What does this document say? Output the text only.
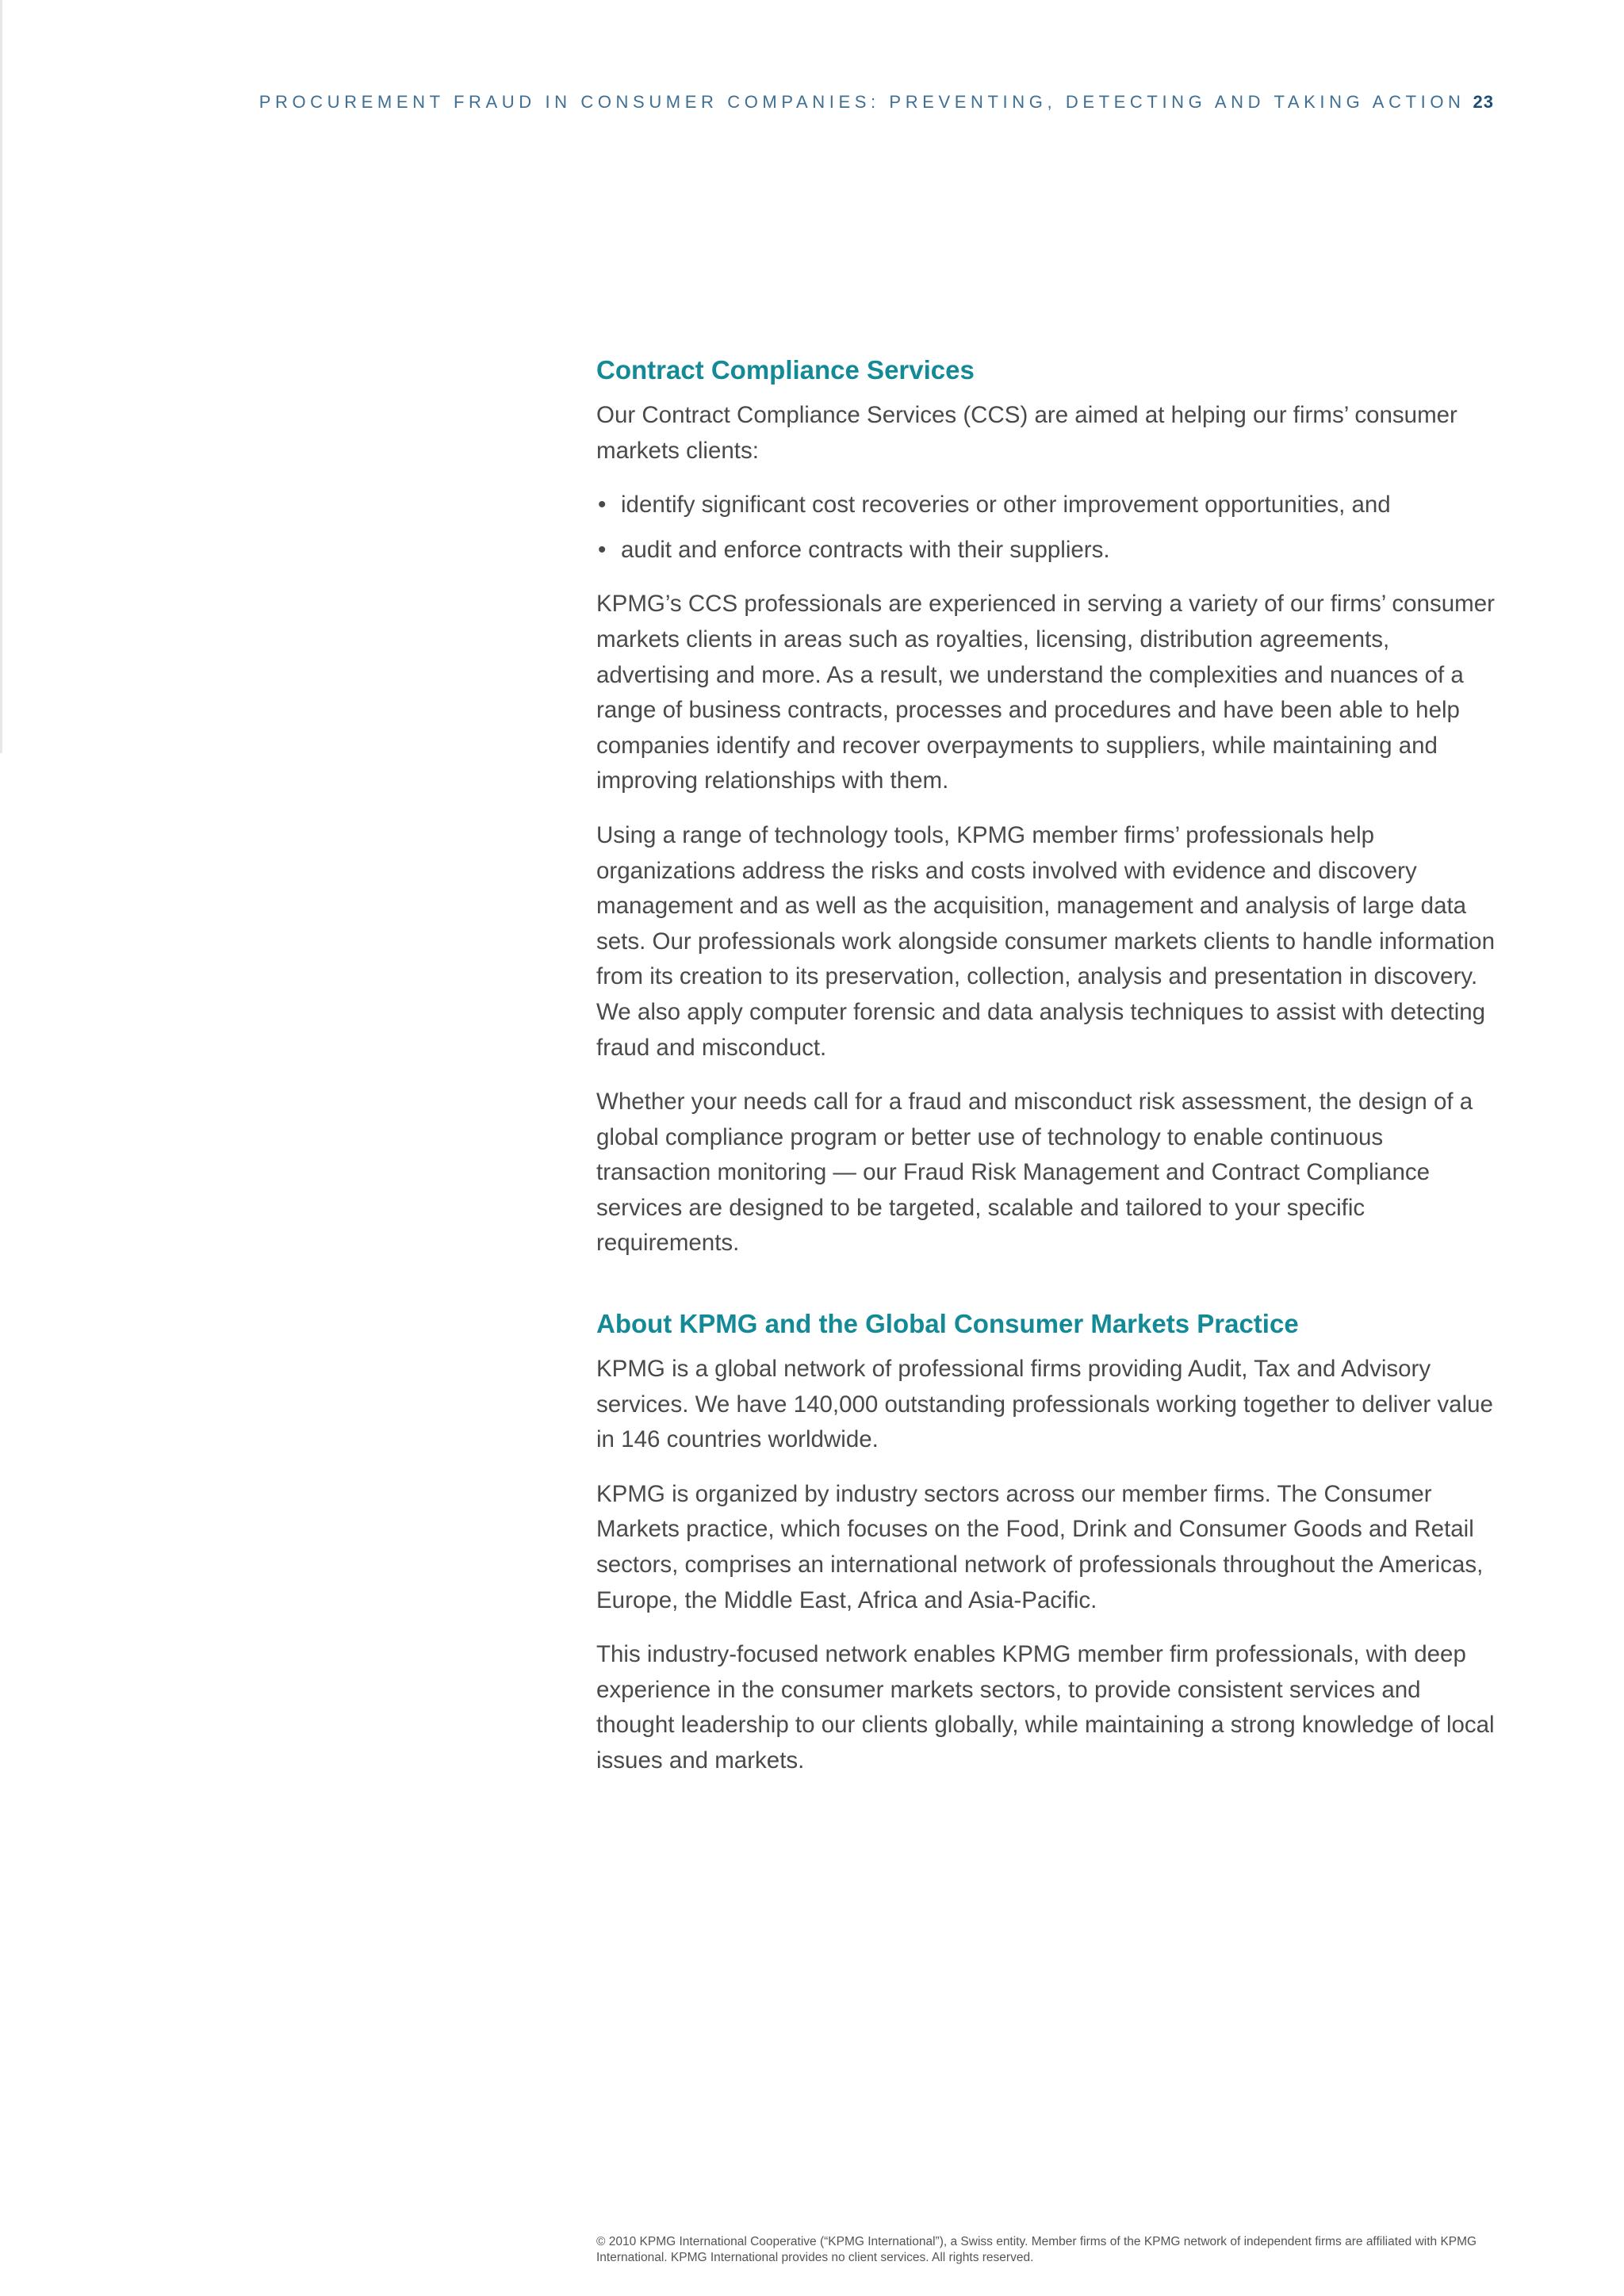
PROCUREMENT FRAUD IN CONSUMER COMPANIES: PREVENTING, DETECTING AND TAKING ACTION 23
Contract Compliance Services

Our Contract Compliance Services (CCS) are aimed at helping our firms’ consumer markets clients:

• identify significant cost recoveries or other improvement opportunities, and
• audit and enforce contracts with their suppliers.

KPMG’s CCS professionals are experienced in serving a variety of our firms’ consumer markets clients in areas such as royalties, licensing, distribution agreements, advertising and more. As a result, we understand the complexities and nuances of a range of business contracts, processes and procedures and have been able to help companies identify and recover overpayments to suppliers, while maintaining and improving relationships with them.

Using a range of technology tools, KPMG member firms’ professionals help organizations address the risks and costs involved with evidence and discovery management and as well as the acquisition, management and analysis of large data sets. Our professionals work alongside consumer markets clients to handle information from its creation to its preservation, collection, analysis and presentation in discovery. We also apply computer forensic and data analysis techniques to assist with detecting fraud and misconduct.

Whether your needs call for a fraud and misconduct risk assessment, the design of a global compliance program or better use of technology to enable continuous transaction monitoring — our Fraud Risk Management and Contract Compliance services are designed to be targeted, scalable and tailored to your specific requirements.

About KPMG and the Global Consumer Markets Practice

KPMG is a global network of professional firms providing Audit, Tax and Advisory services. We have 140,000 outstanding professionals working together to deliver value in 146 countries worldwide.

KPMG is organized by industry sectors across our member firms. The Consumer Markets practice, which focuses on the Food, Drink and Consumer Goods and Retail sectors, comprises an international network of professionals throughout the Americas, Europe, the Middle East, Africa and Asia-Pacific.

This industry-focused network enables KPMG member firm professionals, with deep experience in the consumer markets sectors, to provide consistent services and thought leadership to our clients globally, while maintaining a strong knowledge of local issues and markets.

© 2010 KPMG International Cooperative (“KPMG International”), a Swiss entity. Member firms of the KPMG network of independent firms are affiliated with KPMG International. KPMG International provides no client services. All rights reserved.
